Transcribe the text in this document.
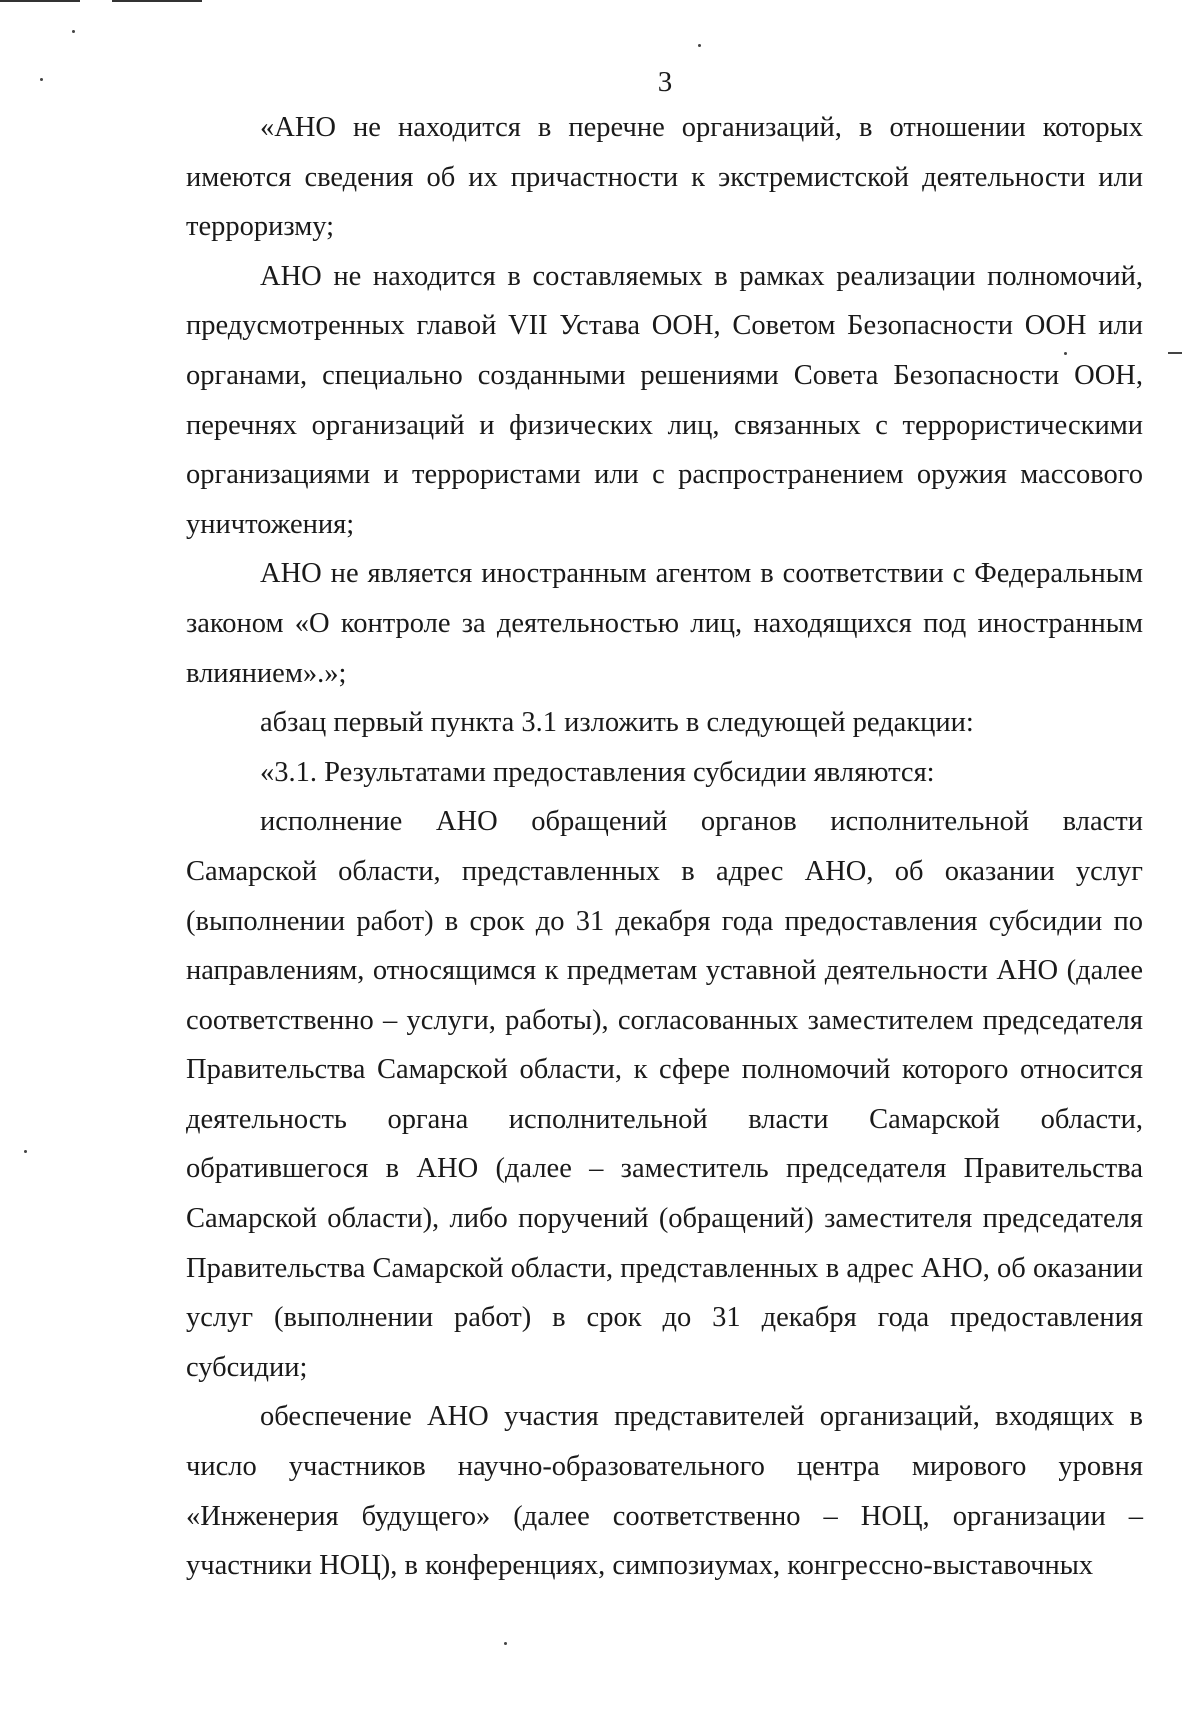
3

«АНО не находится в перечне организаций, в отношении которых имеются сведения об их причастности к экстремистской деятельности или терроризму;

АНО не находится в составляемых в рамках реализации полномочий, предусмотренных главой VII Устава ООН, Советом Безопасности ООН или органами, специально созданными решениями Совета Безопасности ООН, перечнях организаций и физических лиц, связанных с террористическими организациями и террористами или с распространением оружия массового уничтожения;

АНО не является иностранным агентом в соответствии с Федеральным законом «О контроле за деятельностью лиц, находящихся под иностранным влиянием».»;

абзац первый пункта 3.1 изложить в следующей редакции:

«3.1. Результатами предоставления субсидии являются:

исполнение АНО обращений органов исполнительной власти Самарской области, представленных в адрес АНО, об оказании услуг (выполнении работ) в срок до 31 декабря года предоставления субсидии по направлениям, относящимся к предметам уставной деятельности АНО (далее соответственно – услуги, работы), согласованных заместителем председателя Правительства Самарской области, к сфере полномочий которого относится деятельность органа исполнительной власти Самарской области, обратившегося в АНО (далее – заместитель председателя Правительства Самарской области), либо поручений (обращений) заместителя председателя Правительства Самарской области, представленных в адрес АНО, об оказании услуг (выполнении работ) в срок до 31 декабря года предоставления субсидии;

обеспечение АНО участия представителей организаций, входящих в число участников научно-образовательного центра мирового уровня «Инженерия будущего» (далее соответственно – НОЦ, организации – участники НОЦ), в конференциях, симпозиумах, конгрессно-выставочных
